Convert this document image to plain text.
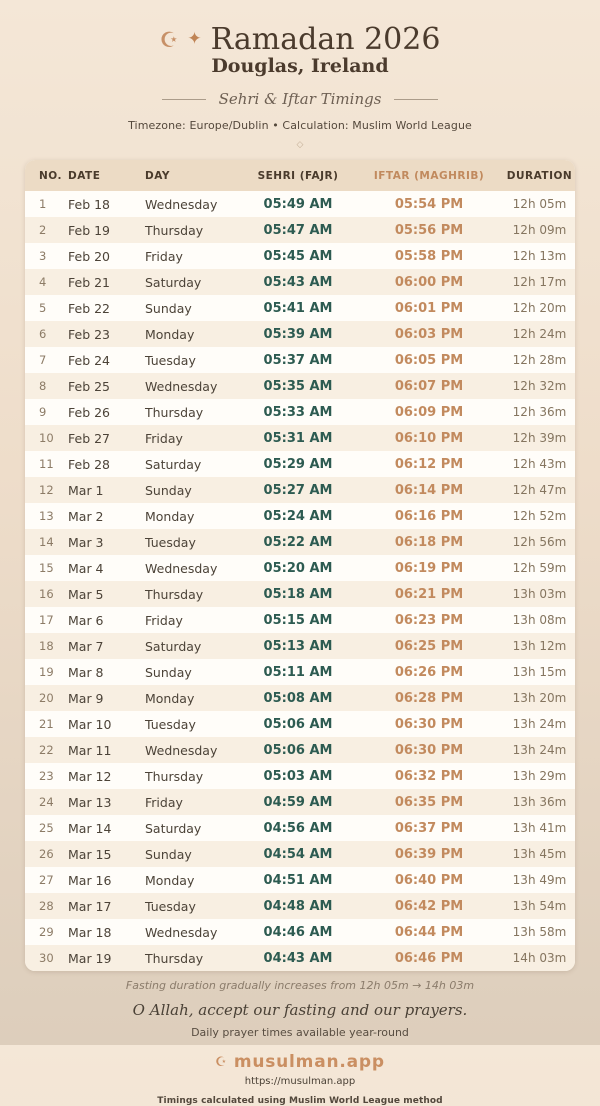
☪ ✦ Ramadan 2026
Douglas, Ireland
Sehri & Iftar Timings
Timezone: Europe/Dublin • Calculation: Muslim World League
◇
NO.	DATE	DAY	SEHRI (FAJR)	IFTAR (MAGHRIB)	DURATION
1	Feb 18	Wednesday	05:49 AM	05:54 PM	12h 05m
2	Feb 19	Thursday	05:47 AM	05:56 PM	12h 09m
3	Feb 20	Friday	05:45 AM	05:58 PM	12h 13m
4	Feb 21	Saturday	05:43 AM	06:00 PM	12h 17m
5	Feb 22	Sunday	05:41 AM	06:01 PM	12h 20m
6	Feb 23	Monday	05:39 AM	06:03 PM	12h 24m
7	Feb 24	Tuesday	05:37 AM	06:05 PM	12h 28m
8	Feb 25	Wednesday	05:35 AM	06:07 PM	12h 32m
9	Feb 26	Thursday	05:33 AM	06:09 PM	12h 36m
10	Feb 27	Friday	05:31 AM	06:10 PM	12h 39m
11	Feb 28	Saturday	05:29 AM	06:12 PM	12h 43m
12	Mar 1	Sunday	05:27 AM	06:14 PM	12h 47m
13	Mar 2	Monday	05:24 AM	06:16 PM	12h 52m
14	Mar 3	Tuesday	05:22 AM	06:18 PM	12h 56m
15	Mar 4	Wednesday	05:20 AM	06:19 PM	12h 59m
16	Mar 5	Thursday	05:18 AM	06:21 PM	13h 03m
17	Mar 6	Friday	05:15 AM	06:23 PM	13h 08m
18	Mar 7	Saturday	05:13 AM	06:25 PM	13h 12m
19	Mar 8	Sunday	05:11 AM	06:26 PM	13h 15m
20	Mar 9	Monday	05:08 AM	06:28 PM	13h 20m
21	Mar 10	Tuesday	05:06 AM	06:30 PM	13h 24m
22	Mar 11	Wednesday	05:06 AM	06:30 PM	13h 24m
23	Mar 12	Thursday	05:03 AM	06:32 PM	13h 29m
24	Mar 13	Friday	04:59 AM	06:35 PM	13h 36m
25	Mar 14	Saturday	04:56 AM	06:37 PM	13h 41m
26	Mar 15	Sunday	04:54 AM	06:39 PM	13h 45m
27	Mar 16	Monday	04:51 AM	06:40 PM	13h 49m
28	Mar 17	Tuesday	04:48 AM	06:42 PM	13h 54m
29	Mar 18	Wednesday	04:46 AM	06:44 PM	13h 58m
30	Mar 19	Thursday	04:43 AM	06:46 PM	14h 03m
Fasting duration gradually increases from 12h 05m → 14h 03m
O Allah, accept our fasting and our prayers.
Daily prayer times available year-round
☪ musulman.app
https://musulman.app
Timings calculated using Muslim World League method
